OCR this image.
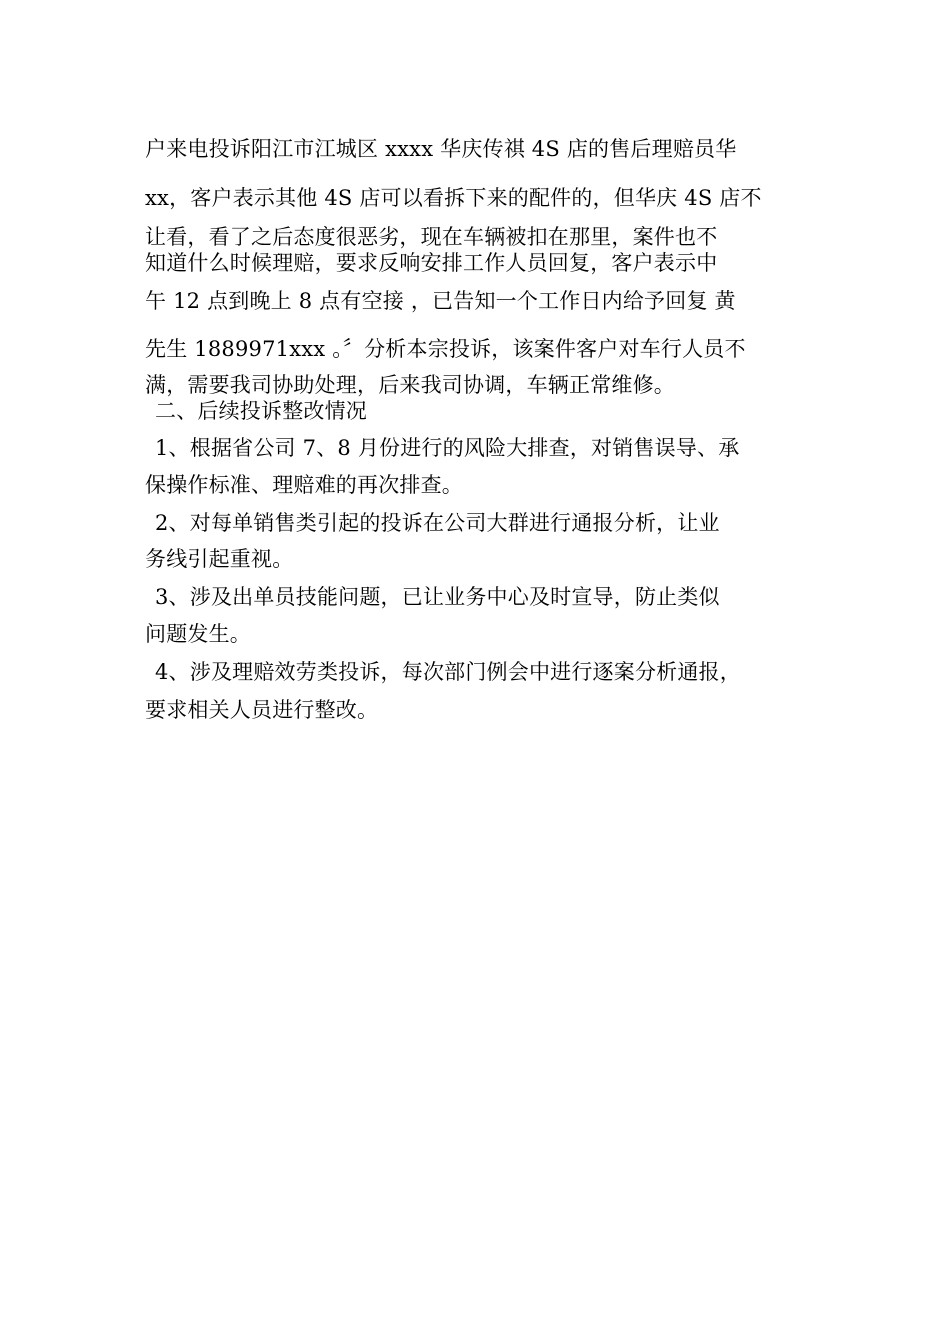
户来电投诉阳江市江城区 xxxx 华庆传祺 4S 店的售后理赔员华
xx，客户表示其他 4S 店可以看拆下来的配件的，但华庆 4S 店不
让看，看了之后态度很恶劣，现在车辆被扣在那里，案件也不
知道什么时候理赔，要求反响安排工作人员回复，客户表示中
午 12 点到晚上 8 点有空接 ，已告知一个工作日内给予回复 黄
先生 1889971xxx 。〞分析本宗投诉，该案件客户对车行人员不
满，需要我司协助处理，后来我司协调，车辆正常维修。
二、后续投诉整改情况
1、根据省公司 7、8 月份进行的风险大排查，对销售误导、承
保操作标准、理赔难的再次排查。
2、对每单销售类引起的投诉在公司大群进行通报分析，让业
务线引起重视。
3、涉及出单员技能问题，已让业务中心及时宣导，防止类似
问题发生。
4、涉及理赔效劳类投诉，每次部门例会中进行逐案分析通报，
要求相关人员进行整改。
